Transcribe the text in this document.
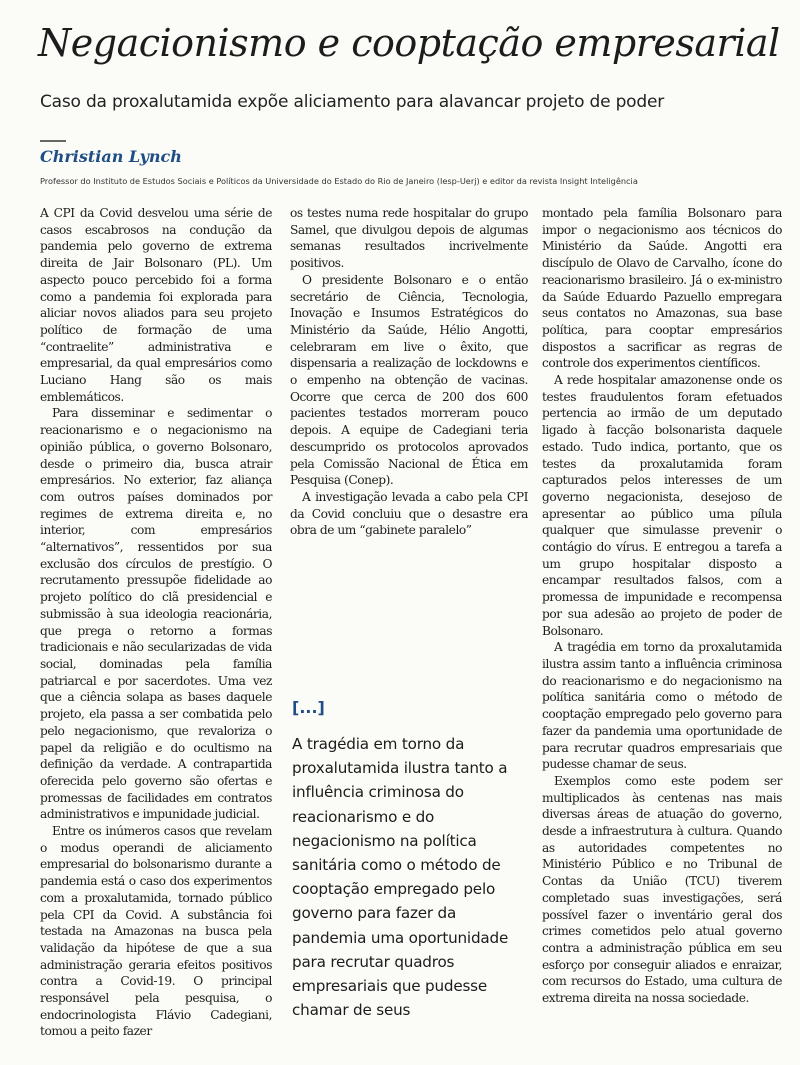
Negacionismo e cooptação empresarial
Caso da proxalutamida expõe aliciamento para alavancar projeto de poder
Christian Lynch
Professor do Instituto de Estudos Sociais e Políticos da Universidade do Estado do Rio de Janeiro (Iesp-Uerj) e editor da revista Insight Inteligência

A CPI da Covid desvelou uma série de casos escabrosos na condução da pandemia pelo governo de extrema direita de Jair Bolsonaro (PL). Um aspecto pouco percebido foi a forma como a pandemia foi explorada para aliciar novos aliados para seu projeto político de formação de uma “contraelite” administrativa e empresarial, da qual empresários como Luciano Hang são os mais emblemáticos.

Para disseminar e sedimentar o reacionarismo e o negacionismo na opinião pública, o governo Bolsonaro, desde o primeiro dia, busca atrair empresários. No exterior, faz aliança com outros países dominados por regimes de extrema direita e, no interior, com empresários “alternativos”, ressentidos por sua exclusão dos círculos de prestígio. O recrutamento pressupõe fidelidade ao projeto político do clã presidencial e submissão à sua ideologia reacionária, que prega o retorno a formas tradicionais e não secularizadas de vida social, dominadas pela família patriarcal e por sacerdotes. Uma vez que a ciência solapa as bases daquele projeto, ela passa a ser combatida pelo pelo negacionismo, que revaloriza o papel da religião e do ocultismo na definição da verdade. A contrapartida oferecida pelo governo são ofertas e promessas de facilidades em contratos administrativos e impunidade judicial.

Entre os inúmeros casos que revelam o modus operandi de aliciamento empresarial do bolsonarismo durante a pandemia está o caso dos experimentos com a proxalutamida, tornado público pela CPI da Covid. A substância foi testada na Amazonas na busca pela validação da hipótese de que a sua administração geraria efeitos positivos contra a Covid-19. O principal responsável pela pesquisa, o endocrinologista Flávio Cadegiani, tomou a peito fazer

os testes numa rede hospitalar do grupo Samel, que divulgou depois de algumas semanas resultados incrivelmente positivos.

O presidente Bolsonaro e o então secretário de Ciência, Tecnologia, Inovação e Insumos Estratégicos do Ministério da Saúde, Hélio Angotti, celebraram em live o êxito, que dispensaria a realização de lockdowns e o empenho na obtenção de vacinas. Ocorre que cerca de 200 dos 600 pacientes testados morreram pouco depois. A equipe de Cadegiani teria descumprido os protocolos aprovados pela Comissão Nacional de Ética em Pesquisa (Conep).

A investigação levada a cabo pela CPI da Covid concluiu que o desastre era obra de um “gabinete paralelo”

[...]
A tragédia em torno da proxalutamida ilustra tanto a influência criminosa do reacionarismo e do negacionismo na política sanitária como o método de cooptação empregado pelo governo para fazer da pandemia uma oportunidade para recrutar quadros empresariais que pudesse chamar de seus

montado pela família Bolsonaro para impor o negacionismo aos técnicos do Ministério da Saúde. Angotti era discípulo de Olavo de Carvalho, ícone do reacionarismo brasileiro. Já o ex-ministro da Saúde Eduardo Pazuello empregara seus contatos no Amazonas, sua base política, para cooptar empresários dispostos a sacrificar as regras de controle dos experimentos científicos.

A rede hospitalar amazonense onde os testes fraudulentos foram efetuados pertencia ao irmão de um deputado ligado à facção bolsonarista daquele estado. Tudo indica, portanto, que os testes da proxalutamida foram capturados pelos interesses de um governo negacionista, desejoso de apresentar ao público uma pílula qualquer que simulasse prevenir o contágio do vírus. E entregou a tarefa a um grupo hospitalar disposto a encampar resultados falsos, com a promessa de impunidade e recompensa por sua adesão ao projeto de poder de Bolsonaro.

A tragédia em torno da proxalutamida ilustra assim tanto a influência criminosa do reacionarismo e do negacionismo na política sanitária como o método de cooptação empregado pelo governo para fazer da pandemia uma oportunidade de para recrutar quadros empresariais que pudesse chamar de seus.

Exemplos como este podem ser multiplicados às centenas nas mais diversas áreas de atuação do governo, desde a infraestrutura à cultura. Quando as autoridades competentes no Ministério Público e no Tribunal de Contas da União (TCU) tiverem completado suas investigações, será possível fazer o inventário geral dos crimes cometidos pelo atual governo contra a administração pública em seu esforço por conseguir aliados e enraizar, com recursos do Estado, uma cultura de extrema direita na nossa sociedade.
